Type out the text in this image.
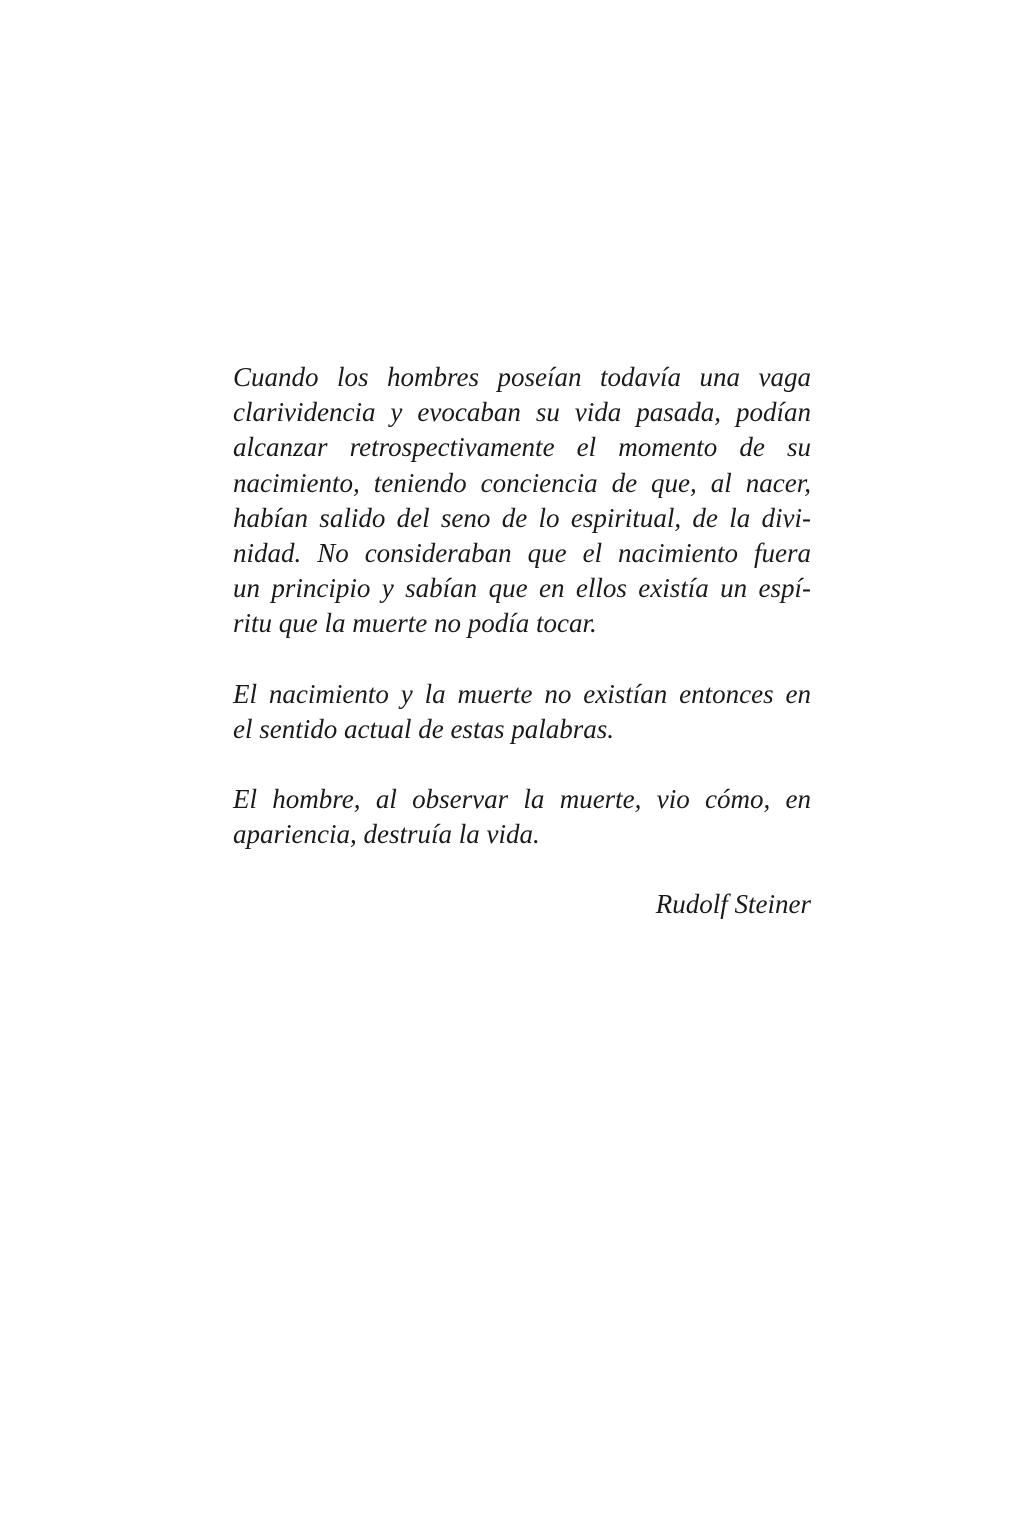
Cuando los hombres poseían todavía una vaga
clarividencia y evocaban su vida pasada, podían
alcanzar retrospectivamente el momento de su
nacimiento, teniendo conciencia de que, al nacer,
habían salido del seno de lo espiritual, de la divi-
nidad. No consideraban que el nacimiento fuera
un principio y sabían que en ellos existía un espí-
ritu que la muerte no podía tocar.

El nacimiento y la muerte no existían entonces en
el sentido actual de estas palabras.

El hombre, al observar la muerte, vio cómo, en
apariencia, destruía la vida.

Rudolf Steiner
